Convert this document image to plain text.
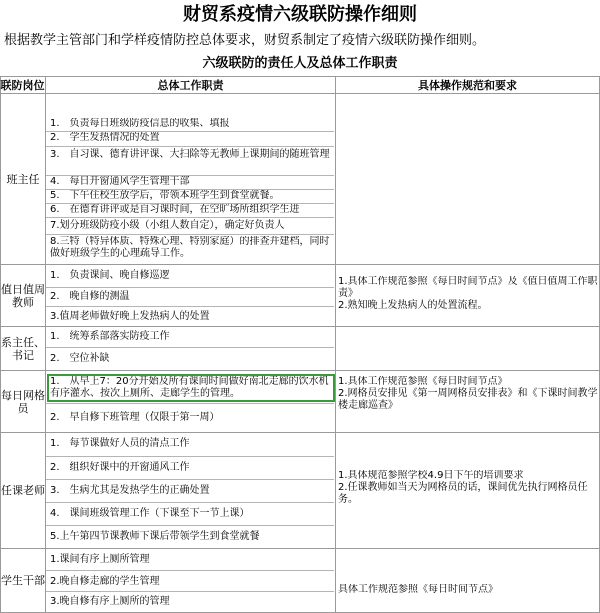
财贸系疫情六级联防操作细则
根据教学主管部门和学样疫情防控总体要求，财贸系制定了疫情六级联防操作细则。
六级联防的责任人及总体工作职责
联防岗位	总体工作职责	具体操作规范和要求
班主任
1.　负责每日班级防疫信息的收集、填报
2.　学生发热情况的处置
3.　自习课、德育讲评课、大扫除等无教师上课期间的随班管理
4.　每日开窗通风学生管理干部
5.　下午住校生放学后，带领本班学生到食堂就餐。
6.　在德育讲评或是自习课时间，在空旷场所组织学生进
7.划分班级防疫小级（小组人数自定），确定好负责人
8.三特（特异体质、特殊心理、特别家庭）的排查并建档，同时做好班级学生的心理疏导工作。
值日值周教师
1.　负责课间、晚自修巡逻
2.　晚自修的测温
3.值周老师做好晚上发热病人的处置
1.具体工作规范参照《每日时间节点》及《值日值周工作职责》
2.熟知晚上发热病人的处置流程。
系主任、书记
1.　统筹系部落实防疫工作
2.　空位补缺
每日网格员
1.　从早上7：20分开始及所有课间时间做好南北走廊的饮水机有序灌水、按次上厕所、走廊学生的管理。
2.　早自修下班管理（仅限于第一周）
1.具体工作规范参照《每日时间节点》
2.网格员安排见《第一周网格员安排表》和《下课时间教学楼走廊巡查》
任课老师
1.　每节课做好人员的清点工作
2.　组织好课中的开窗通风工作
3.　生病尤其是发热学生的正确处置
4.　课间班级管理工作（下课至下一节上课）
5.上午第四节课教师下课后带领学生到食堂就餐
1.具体规范参照学校4.9日下午的培训要求
2.任课教师如当天为网格员的话，课间优先执行网格员任务。
学生干部
1.课间有序上厕所管理
2.晚自修走廊的学生管理
3.晚自修有序上厕所的管理
具体工作规范参照《每日时间节点》
